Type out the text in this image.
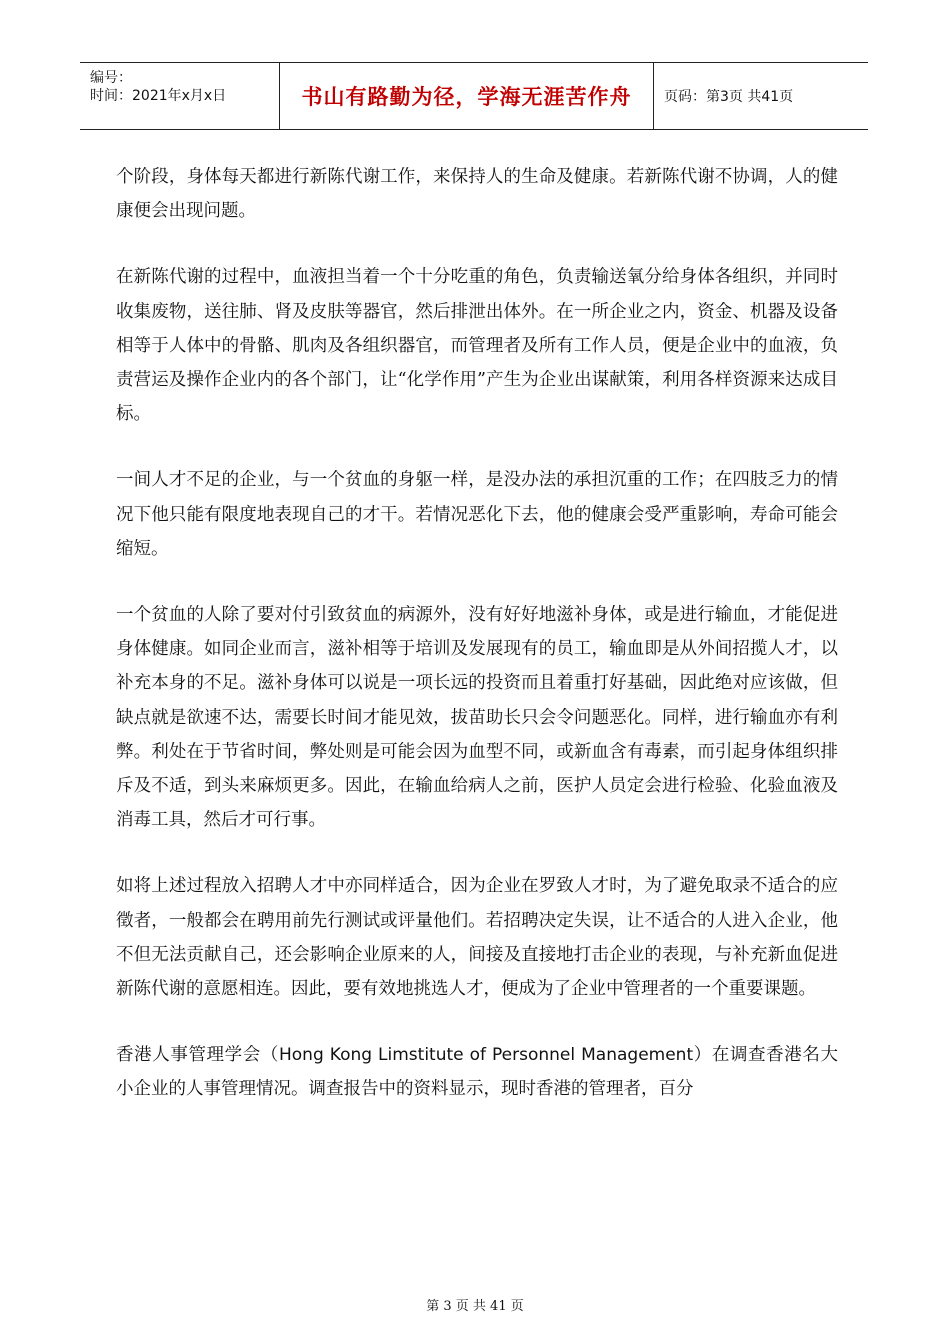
编号：
时间：2021年x月x日	书山有路勤为径，学海无涯苦作舟	页码：第3页 共41页

个阶段，身体每天都进行新陈代谢工作，来保持人的生命及健康。若新陈代谢不协调，人的健康便会出现问题。

在新陈代谢的过程中，血液担当着一个十分吃重的角色，负责输送氧分给身体各组织，并同时收集废物，送往肺、肾及皮肤等器官，然后排泄出体外。在一所企业之内，资金、机器及设备相等于人体中的骨骼、肌肉及各组织器官，而管理者及所有工作人员，便是企业中的血液，负责营运及操作企业内的各个部门，让“化学作用”产生为企业出谋献策，利用各样资源来达成目标。

一间人才不足的企业，与一个贫血的身躯一样，是没办法的承担沉重的工作；在四肢乏力的情况下他只能有限度地表现自己的才干。若情况恶化下去，他的健康会受严重影响，寿命可能会缩短。

一个贫血的人除了要对付引致贫血的病源外，没有好好地滋补身体，或是进行输血，才能促进身体健康。如同企业而言，滋补相等于培训及发展现有的员工，输血即是从外间招揽人才，以补充本身的不足。滋补身体可以说是一项长远的投资而且着重打好基础，因此绝对应该做，但缺点就是欲速不达，需要长时间才能见效，拔苗助长只会令问题恶化。同样，进行输血亦有利弊。利处在于节省时间，弊处则是可能会因为血型不同，或新血含有毒素，而引起身体组织排斥及不适，到头来麻烦更多。因此，在输血给病人之前，医护人员定会进行检验、化验血液及消毒工具，然后才可行事。

如将上述过程放入招聘人才中亦同样适合，因为企业在罗致人才时，为了避免取录不适合的应徵者，一般都会在聘用前先行测试或评量他们。若招聘决定失误，让不适合的人进入企业，他不但无法贡献自己，还会影响企业原来的人，间接及直接地打击企业的表现，与补充新血促进新陈代谢的意愿相连。因此，要有效地挑选人才，便成为了企业中管理者的一个重要课题。

香港人事管理学会（Hong Kong Limstitute of Personnel Management）在调查香港名大小企业的人事管理情况。调查报告中的资料显示，现时香港的管理者，百分

第 3 页 共 41 页
